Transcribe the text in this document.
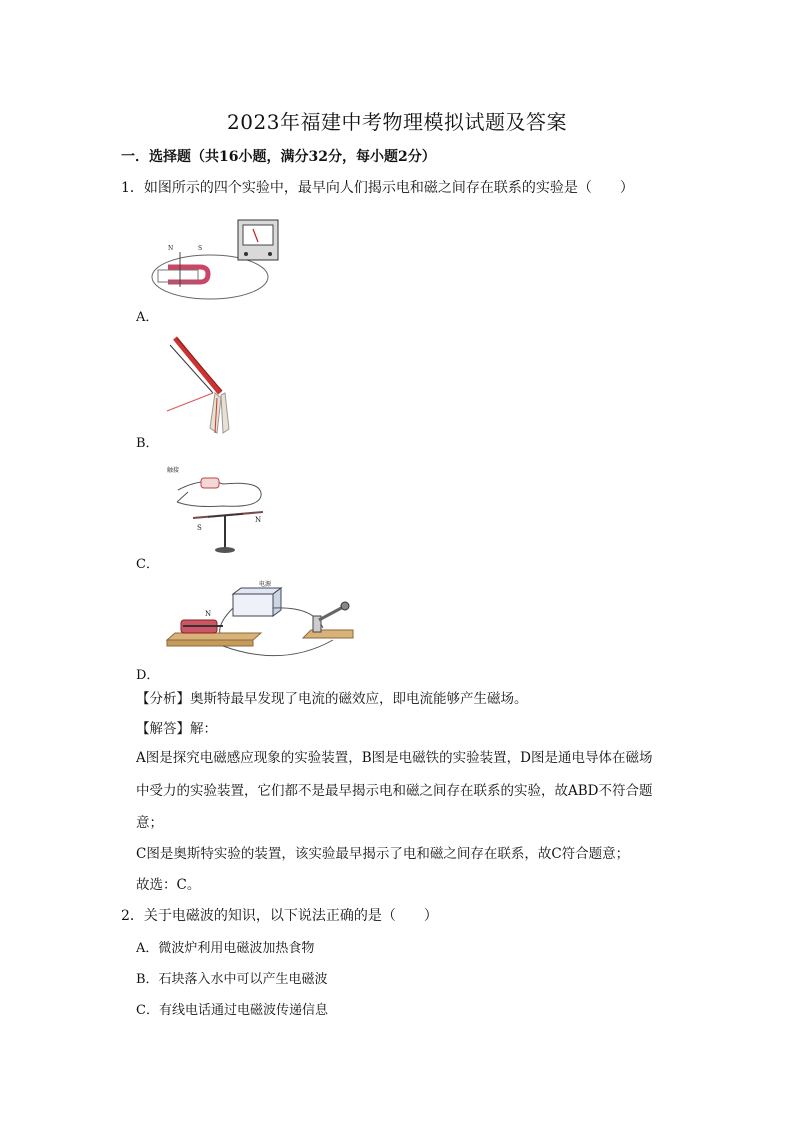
2023年福建中考物理模拟试题及答案
一．选择题（共16小题，满分32分，每小题2分）
1．如图所示的四个实验中，最早向人们揭示电和磁之间存在联系的实验是（　　）
N	S
A．
B．
触接
S
N
C．
电源
N
D．
【分析】奥斯特最早发现了电流的磁效应，即电流能够产生磁场。
【解答】解：
A图是探究电磁感应现象的实验装置，B图是电磁铁的实验装置，D图是通电导体在磁场
中受力的实验装置，它们都不是最早揭示电和磁之间存在联系的实验，故ABD不符合题
意；
C图是奥斯特实验的装置，该实验最早揭示了电和磁之间存在联系，故C符合题意；
故选：C。
2．关于电磁波的知识，以下说法正确的是（　　）
A．微波炉利用电磁波加热食物
B．石块落入水中可以产生电磁波
C．有线电话通过电磁波传递信息
